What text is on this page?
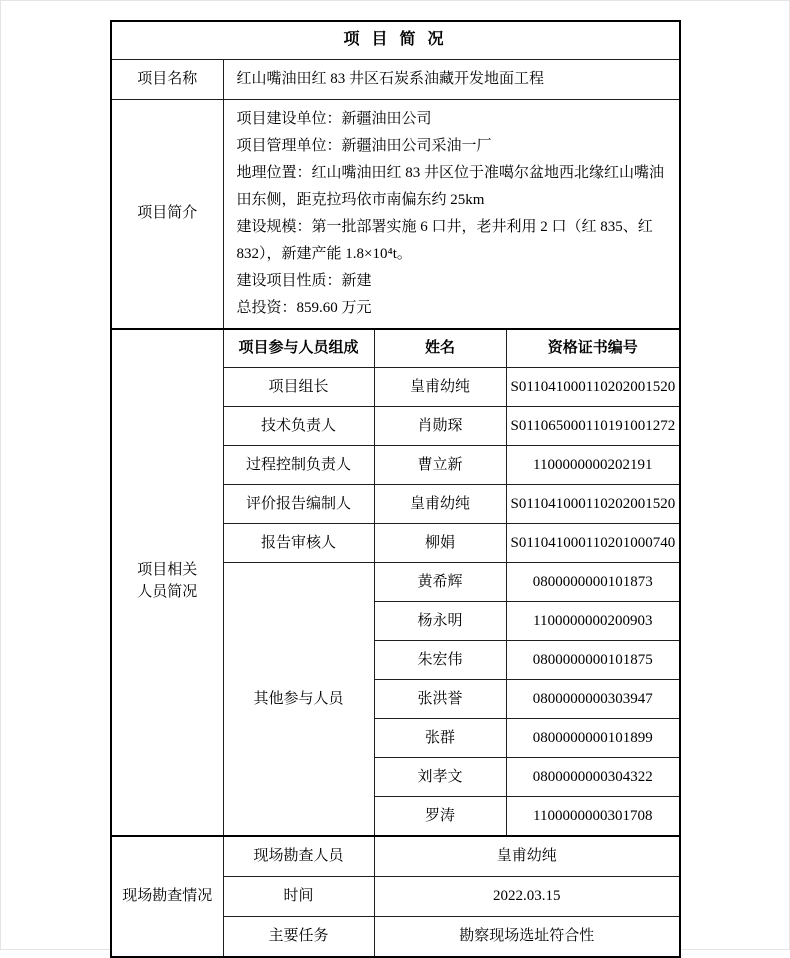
项 目 简 况			
项目名称	红山嘴油田红 83 井区石炭系油藏开发地面工程		
项目简介	
项目建设单位：新疆油田公司
项目管理单位：新疆油田公司采油一厂
地理位置：红山嘴油田红 83 井区位于准噶尔盆地西北缘红山嘴油田东侧，距克拉玛依市南偏东约 25km
建设规模：第一批部署实施 6 口井，老井利用 2 口（红 835、红 832），新建产能 1.8×10⁴t。
建设项目性质：新建
总投资：859.60 万元

项目相关
人员简况	项目参与人员组成	姓名	资格证书编号
	项目组长	皇甫幼纯	S011041000110202001520
	技术负责人	肖勋琛	S011065000110191001272
	过程控制负责人	曹立新	1100000000202191
	评价报告编制人	皇甫幼纯	S011041000110202001520
	报告审核人	柳娟	S011041000110201000740
	其他参与人员	黄希辉	0800000000101873
		杨永明	1100000000200903
		朱宏伟	0800000000101875
		张洪誉	0800000000303947
		张群	0800000000101899
		刘孝文	0800000000304322
		罗涛	1100000000301708
现场勘查情况	现场勘查人员	皇甫幼纯	
	时间	2022.03.15	
	主要任务	勘察现场选址符合性	
